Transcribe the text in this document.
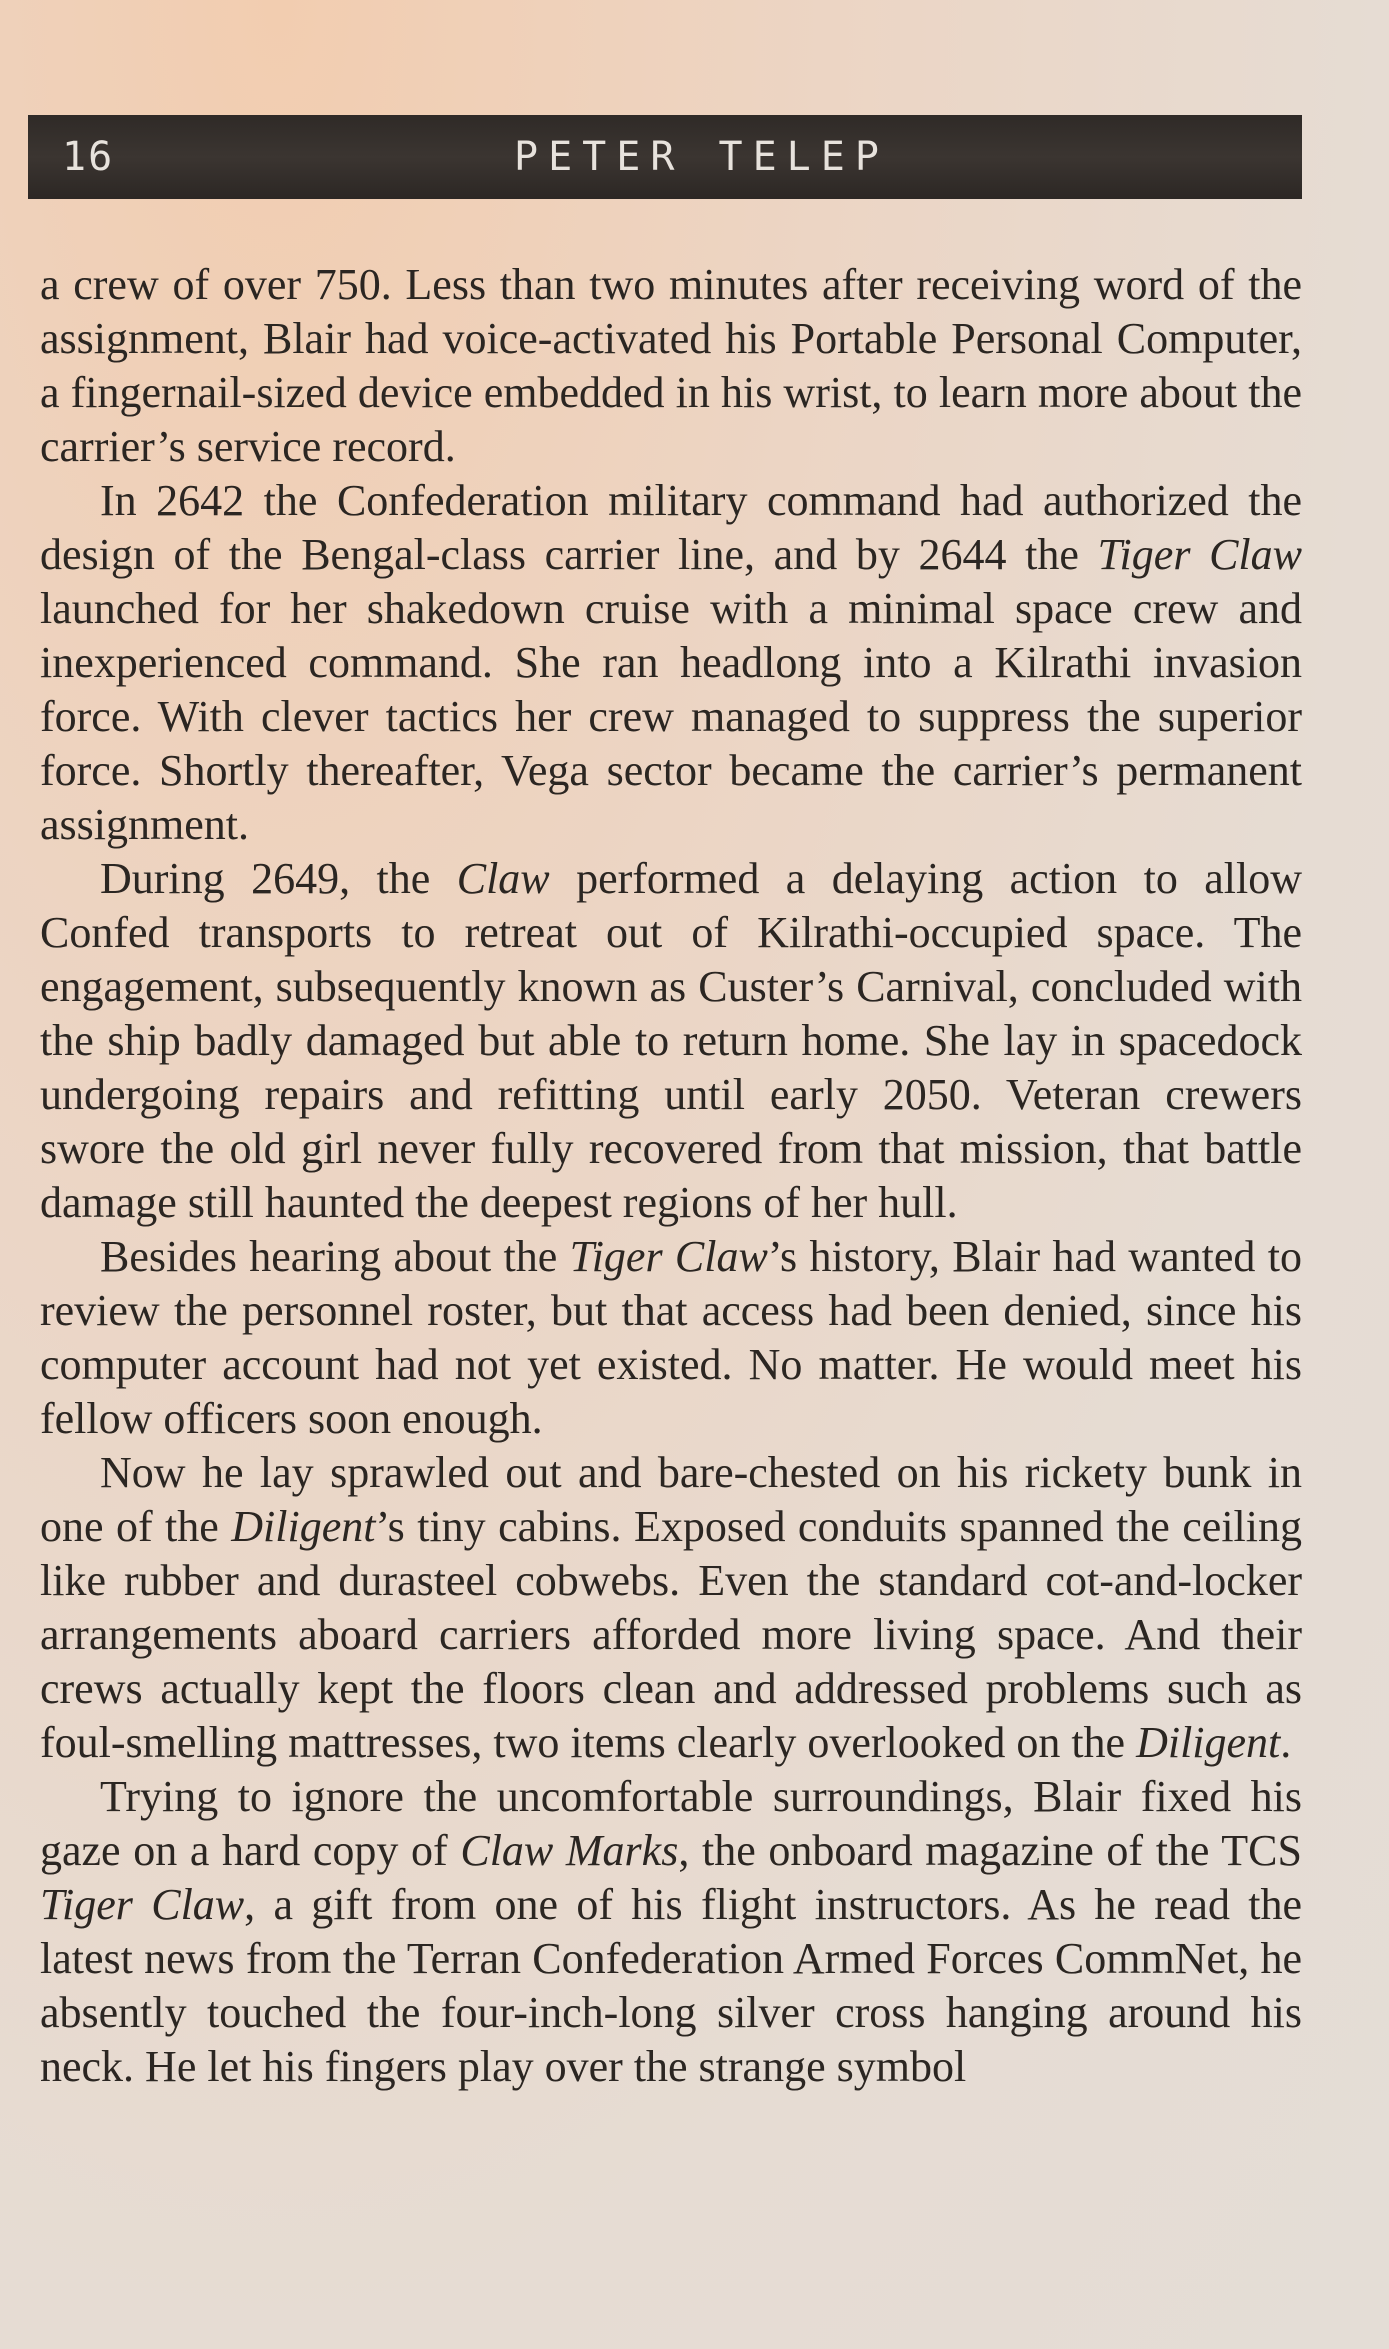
16	PETER TELEP

a crew of over 750. Less than two minutes after receiving word of the assignment, Blair had voice-activated his Portable Personal Computer, a fingernail-sized device embedded in his wrist, to learn more about the carrier’s service record.

In 2642 the Confederation military command had authorized the design of the Bengal-class carrier line, and by 2644 the Tiger Claw launched for her shakedown cruise with a minimal space crew and inexperienced command. She ran headlong into a Kilrathi invasion force. With clever tactics her crew managed to suppress the superior force. Shortly thereafter, Vega sector became the carrier’s permanent assignment.

During 2649, the Claw performed a delaying action to allow Confed transports to retreat out of Kilrathi-occupied space. The engagement, subsequently known as Custer’s Carnival, concluded with the ship badly damaged but able to return home. She lay in spacedock undergoing repairs and refitting until early 2050. Veteran crewers swore the old girl never fully recovered from that mission, that battle damage still haunted the deepest regions of her hull.

Besides hearing about the Tiger Claw’s history, Blair had wanted to review the personnel roster, but that access had been denied, since his computer account had not yet existed. No matter. He would meet his fellow officers soon enough.

Now he lay sprawled out and bare-chested on his rickety bunk in one of the Diligent’s tiny cabins. Exposed conduits spanned the ceiling like rubber and durasteel cobwebs. Even the standard cot-and-locker arrangements aboard carriers afforded more living space. And their crews actually kept the floors clean and addressed problems such as foul-smelling mattresses, two items clearly overlooked on the Diligent.

Trying to ignore the uncomfortable surroundings, Blair fixed his gaze on a hard copy of Claw Marks, the onboard magazine of the TCS Tiger Claw, a gift from one of his flight instructors. As he read the latest news from the Terran Confederation Armed Forces CommNet, he absently touched the four-inch-long silver cross hanging around his neck. He let his fingers play over the strange symbol
